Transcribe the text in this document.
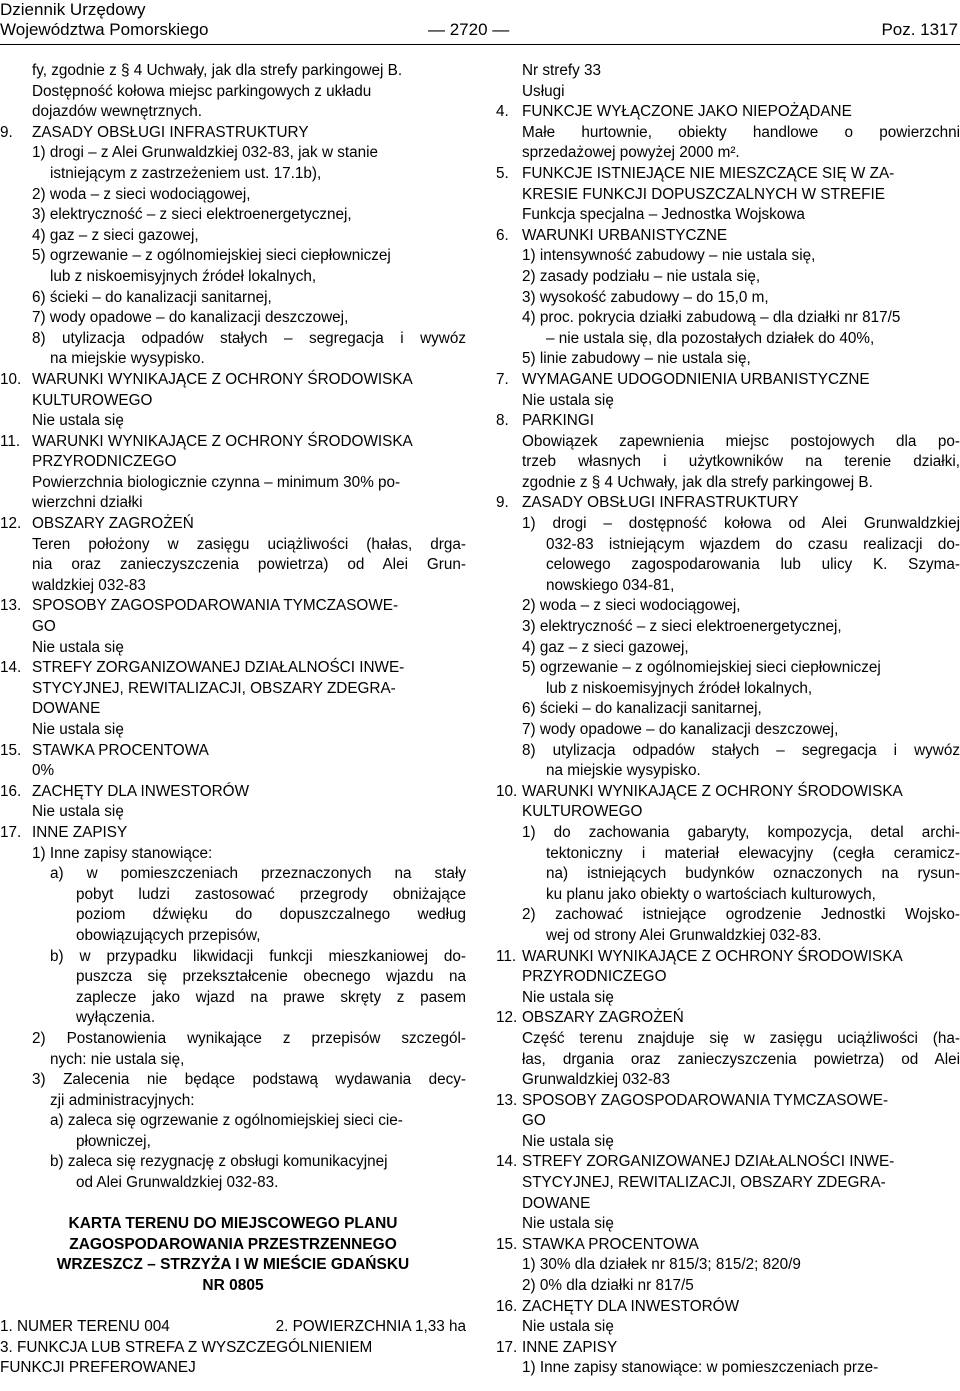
Dziennik Urzędowy
Województwa Pomorskiego	— 2720 —	Poz. 1317
fy, zgodnie z § 4 Uchwały, jak dla strefy parkingowej B.
Dostępność kołowa miejsc parkingowych z układu
dojazdów wewnętrznych.
9. ZASADY OBSŁUGI INFRASTRUKTURY
1) drogi – z Alei Grunwaldzkiej 032-83, jak w stanie
istniejącym z zastrzeżeniem ust. 17.1b),
2) woda – z sieci wodociągowej,
3) elektryczność – z sieci elektroenergetycznej,
4) gaz – z sieci gazowej,
5) ogrzewanie – z ogólnomiejskiej sieci ciepłowniczej
lub z niskoemisyjnych źródeł lokalnych,
6) ścieki – do kanalizacji sanitarnej,
7) wody opadowe – do kanalizacji deszczowej,
8) utylizacja odpadów stałych – segregacja i wywóz
na miejskie wysypisko.
10. WARUNKI WYNIKAJĄCE Z OCHRONY ŚRODOWISKA
KULTUROWEGO
Nie ustala się
11. WARUNKI WYNIKAJĄCE Z OCHRONY ŚRODOWISKA
PRZYRODNICZEGO
Powierzchnia biologicznie czynna – minimum 30% po-
wierzchni działki
12. OBSZARY ZAGROŻEŃ
Teren położony w zasięgu uciążliwości (hałas, drga-
nia oraz zanieczyszczenia powietrza) od Alei Grun-
waldzkiej 032-83
13. SPOSOBY ZAGOSPODAROWANIA TYMCZASOWE-
GO
Nie ustala się
14. STREFY ZORGANIZOWANEJ DZIAŁALNOŚCI INWE-
STYCYJNEJ, REWITALIZACJI, OBSZARY ZDEGRA-
DOWANE
Nie ustala się
15. STAWKA PROCENTOWA
0%
16. ZACHĘTY DLA INWESTORÓW
Nie ustala się
17. INNE ZAPISY
1) Inne zapisy stanowiące:
a) w pomieszczeniach przeznaczonych na stały
pobyt ludzi zastosować przegrody obniżające
poziom dźwięku do dopuszczalnego według
obowiązujących przepisów,
b) w przypadku likwidacji funkcji mieszkaniowej do-
puszcza się przekształcenie obecnego wjazdu na
zaplecze jako wjazd na prawe skręty z pasem
wyłączenia.
2) Postanowienia wynikające z przepisów szczegól-
nych: nie ustala się,
3) Zalecenia nie będące podstawą wydawania decy-
zji administracyjnych:
a) zaleca się ogrzewanie z ogólnomiejskiej sieci cie-
płowniczej,
b) zaleca się rezygnację z obsługi komunikacyjnej
od Alei Grunwaldzkiej 032-83.
KARTA TERENU DO MIEJSCOWEGO PLANU
ZAGOSPODAROWANIA PRZESTRZENNEGO
WRZESZCZ – STRZYŻA I W MIEŚCIE GDAŃSKU
NR 0805
1. NUMER TERENU 004	2. POWIERZCHNIA 1,33 ha
3. FUNKCJA LUB STREFA Z WYSZCZEGÓLNIENIEM
FUNKCJI PREFEROWANEJ
Nr strefy 33
Usługi
4. FUNKCJE WYŁĄCZONE JAKO NIEPOŻĄDANE
Małe hurtownie, obiekty handlowe o powierzchni
sprzedażowej powyżej 2000 m².
5. FUNKCJE ISTNIEJĄCE NIE MIESZCZĄCE SIĘ W ZA-
KRESIE FUNKCJI DOPUSZCZALNYCH W STREFIE
Funkcja specjalna – Jednostka Wojskowa
6. WARUNKI URBANISTYCZNE
1) intensywność zabudowy – nie ustala się,
2) zasady podziału – nie ustala się,
3) wysokość zabudowy – do 15,0 m,
4) proc. pokrycia działki zabudową – dla działki nr 817/5
– nie ustala się, dla pozostałych działek do 40%,
5) linie zabudowy – nie ustala się,
7. WYMAGANE UDOGODNIENIA URBANISTYCZNE
Nie ustala się
8. PARKINGI
Obowiązek zapewnienia miejsc postojowych dla po-
trzeb własnych i użytkowników na terenie działki,
zgodnie z § 4 Uchwały, jak dla strefy parkingowej B.
9. ZASADY OBSŁUGI INFRASTRUKTURY
1) drogi – dostępność kołowa od Alei Grunwaldzkiej
032-83 istniejącym wjazdem do czasu realizacji do-
celowego zagospodarowania lub ulicy K. Szyma-
nowskiego 034-81,
2) woda – z sieci wodociągowej,
3) elektryczność – z sieci elektroenergetycznej,
4) gaz – z sieci gazowej,
5) ogrzewanie – z ogólnomiejskiej sieci ciepłowniczej
lub z niskoemisyjnych źródeł lokalnych,
6) ścieki – do kanalizacji sanitarnej,
7) wody opadowe – do kanalizacji deszczowej,
8) utylizacja odpadów stałych – segregacja i wywóz
na miejskie wysypisko.
10. WARUNKI WYNIKAJĄCE Z OCHRONY ŚRODOWISKA
KULTUROWEGO
1) do zachowania gabaryty, kompozycja, detal archi-
tektoniczny i materiał elewacyjny (cegła ceramicz-
na) istniejących budynków oznaczonych na rysun-
ku planu jako obiekty o wartościach kulturowych,
2) zachować istniejące ogrodzenie Jednostki Wojsko-
wej od strony Alei Grunwaldzkiej 032-83.
11. WARUNKI WYNIKAJĄCE Z OCHRONY ŚRODOWISKA
PRZYRODNICZEGO
Nie ustala się
12. OBSZARY ZAGROŻEŃ
Część terenu znajduje się w zasięgu uciążliwości (ha-
łas, drgania oraz zanieczyszczenia powietrza) od Alei
Grunwaldzkiej 032-83
13. SPOSOBY ZAGOSPODAROWANIA TYMCZASOWE-
GO
Nie ustala się
14. STREFY ZORGANIZOWANEJ DZIAŁALNOŚCI INWE-
STYCYJNEJ, REWITALIZACJI, OBSZARY ZDEGRA-
DOWANE
Nie ustala się
15. STAWKA PROCENTOWA
1) 30% dla działek nr 815/3; 815/2; 820/9
2) 0% dla działki nr 817/5
16. ZACHĘTY DLA INWESTORÓW
Nie ustala się
17. INNE ZAPISY
1) Inne zapisy stanowiące: w pomieszczeniach prze-
